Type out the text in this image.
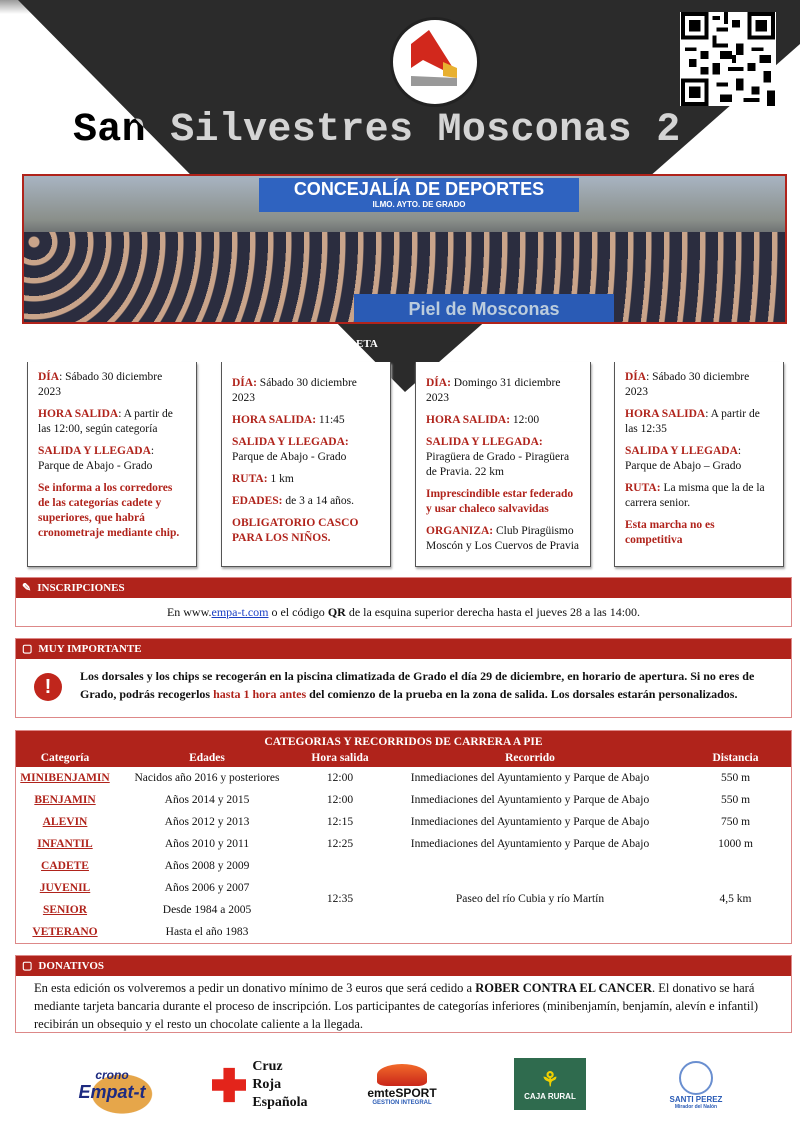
San Silvestres Mosconas 2
CONCEJALÍA DE DEPORTES
ILMO. AYTO. DE GRADO
Piel de Mosconas
ETA

DÍA: Sábado 30 diciembre 2023

HORA SALIDA: A partir de las 12:00, según categoría

SALIDA Y LLEGADA:
Parque de Abajo - Grado

Se informa a los corredores de las categorías cadete y superiores, que habrá cronometraje mediante chip.

DÍA: Sábado 30 diciembre 2023

HORA SALIDA: 11:45

SALIDA Y LLEGADA:
Parque de Abajo - Grado

RUTA: 1 km

EDADES: de 3 a 14 años.

OBLIGATORIO CASCO PARA LOS NIÑOS.

DÍA: Domingo 31 diciembre 2023

HORA SALIDA: 12:00

SALIDA Y LLEGADA:
Piragüera de Grado - Piragüera de Pravia. 22 km

Imprescindible estar federado y usar chaleco salvavidas

ORGANIZA: Club Piragüismo Moscón y Los Cuervos de Pravia

DÍA: Sábado 30 diciembre 2023

HORA SALIDA: A partir de las 12:35

SALIDA Y LLEGADA:
Parque de Abajo – Grado

RUTA: La misma que la de la carrera senior.

Esta marcha no es competitiva

✎ INSCRIPCIONES
En www.empa-t.com o el código QR de la esquina superior derecha hasta el jueves 28 a las 14:00.
▢ MUY IMPORTANTE
!	Los dorsales y los chips se recogerán en la piscina climatizada de Grado el día 29 de diciembre, en horario de apertura. Si no eres de Grado, podrás recogerlos hasta 1 hora antes del comienzo de la prueba en la zona de salida. Los dorsales estarán personalizados.
CATEGORIAS Y RECORRIDOS DE CARRERA A PIE				
Categoría	Edades	Hora salida	Recorrido	Distancia
MINIBENJAMIN	Nacidos año 2016 y posteriores	12:00	Inmediaciones del Ayuntamiento y Parque de Abajo	550 m
BENJAMIN	Años 2014 y 2015	12:00	Inmediaciones del Ayuntamiento y Parque de Abajo	550 m
ALEVIN	Años 2012 y 2013	12:15	Inmediaciones del Ayuntamiento y Parque de Abajo	750 m
INFANTIL	Años 2010 y 2011	12:25	Inmediaciones del Ayuntamiento y Parque de Abajo	1000 m
CADETE	Años 2008 y 2009	12:35	Paseo del río Cubia y río Martín	4,5 km
JUVENIL	Años 2006 y 2007			
SENIOR	Desde 1984 a 2005			
VETERANO	Hasta el año 1983			
▢ DONATIVOS
En esta edición os volveremos a pedir un donativo mínimo de 3 euros que será cedido a ROBER CONTRA EL CANCER. El donativo se hará mediante tarjeta bancaria durante el proceso de inscripción. Los participantes de categorías inferiores (minibenjamín, benjamín, alevín e infantil) recibirán un obsequio y el resto un chocolate caliente a la llegada.
crono
Empat-t
Cruz Roja
Española
emteSPORT
GESTION INTEGRAL
⚘
CAJA RURAL	SANTI PEREZ
Mirador del Nalón
